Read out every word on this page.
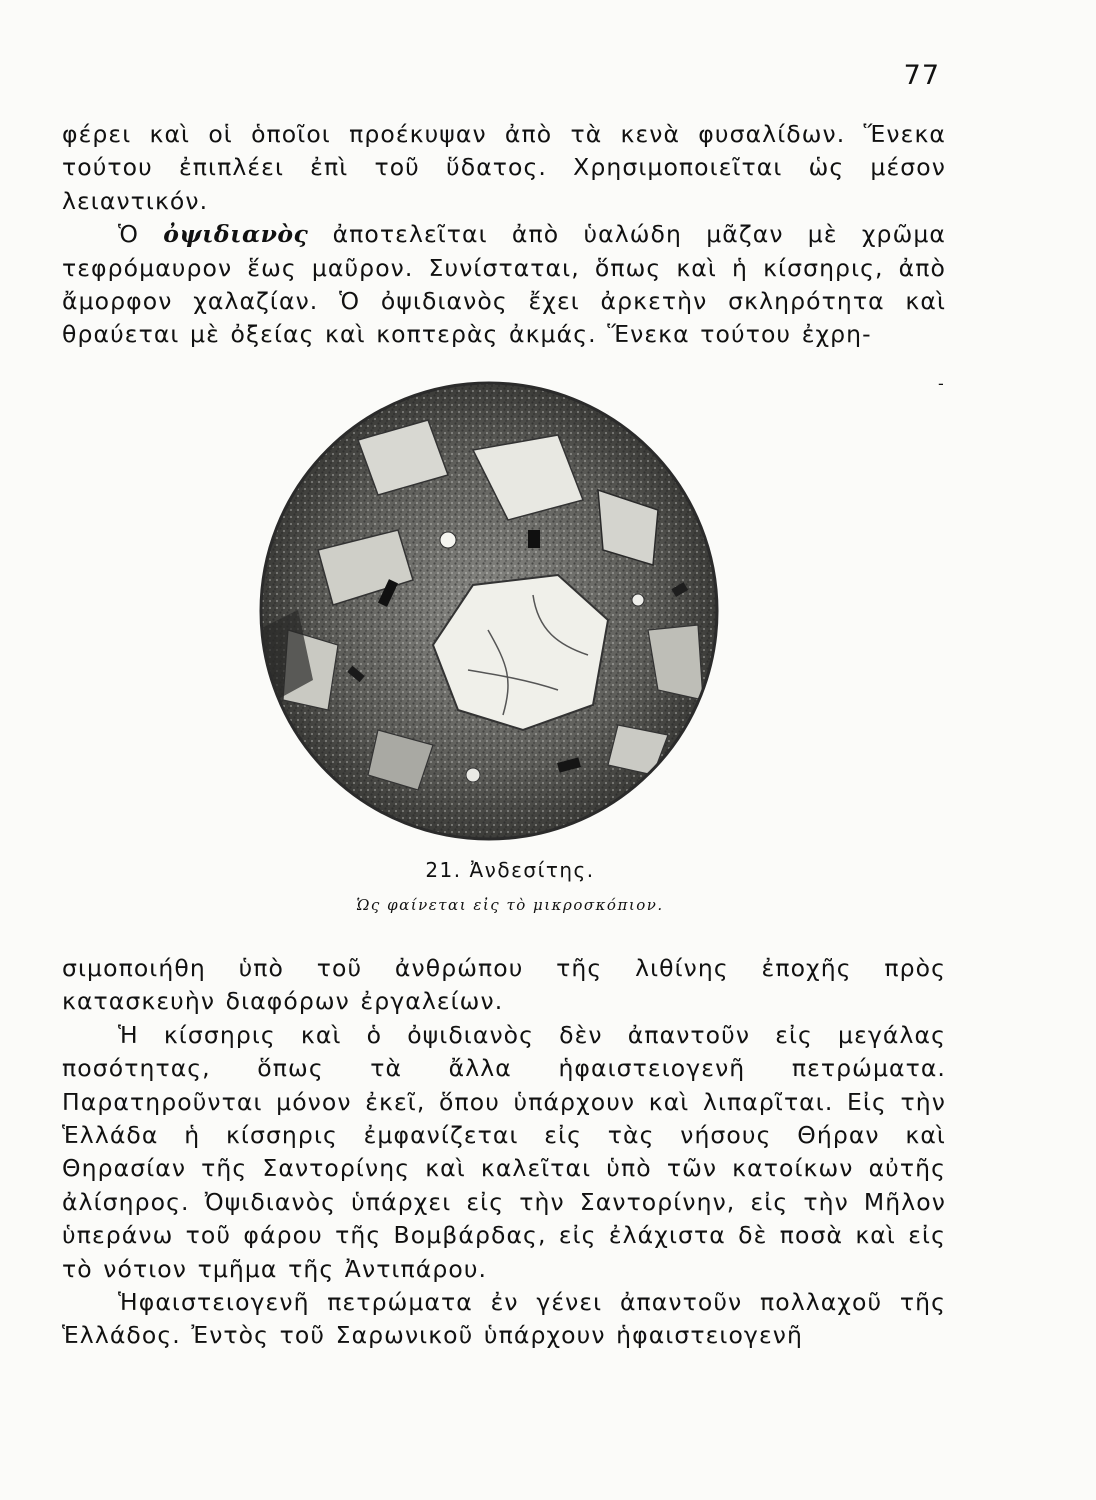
77

φέρει καὶ οἱ ὁποῖοι προέκυψαν ἀπὸ τὰ κενὰ φυσαλίδων. Ἕνεκα τούτου ἐπιπλέει ἐπὶ τοῦ ὕδατος. Χρησιμοποιεῖται ὡς μέσον λειαντικόν.

Ὁ ὀψιδιανὸς ἀποτελεῖται ἀπὸ ὑαλώδη μᾶζαν μὲ χρῶμα τεφρόμαυρον ἕως μαῦρον. Συνίσταται, ὅπως καὶ ἡ κίσσηρις, ἀπὸ ἄμορφον χαλαζίαν. Ὁ ὀψιδιανὸς ἔχει ἀρκετὴν σκληρότητα καὶ θραύεται μὲ ὀξείας καὶ κοπτερὰς ἀκμάς. Ἕνεκα τούτου ἐχρη-

-
21. Ἀνδεσίτης.
Ὡς φαίνεται εἰς τὸ μικροσκόπιον.

σιμοποιήθη ὑπὸ τοῦ ἀνθρώπου τῆς λιθίνης ἐποχῆς πρὸς κατασκευὴν διαφόρων ἐργαλείων.

Ἡ κίσσηρις καὶ ὁ ὀψιδιανὸς δὲν ἀπαντοῦν εἰς μεγάλας ποσότητας, ὅπως τὰ ἄλλα ἡφαιστειογενῆ πετρώματα. Παρατηροῦνται μόνον ἐκεῖ, ὅπου ὑπάρχουν καὶ λιπαρῖται. Εἰς τὴν Ἑλλάδα ἡ κίσσηρις ἐμφανίζεται εἰς τὰς νήσους Θήραν καὶ Θηρασίαν τῆς Σαντορίνης καὶ καλεῖται ὑπὸ τῶν κατοίκων αὐτῆς ἀλίσηρος. Ὀψιδιανὸς ὑπάρχει εἰς τὴν Σαντορίνην, εἰς τὴν Μῆλον ὑπεράνω τοῦ φάρου τῆς Βομβάρδας, εἰς ἐλάχιστα δὲ ποσὰ καὶ εἰς τὸ νότιον τμῆμα τῆς Ἀντιπάρου.

Ἡφαιστειογενῆ πετρώματα ἐν γένει ἀπαντοῦν πολλαχοῦ τῆς Ἑλλάδος. Ἐντὸς τοῦ Σαρωνικοῦ ὑπάρχουν ἡφαιστειογενῆ
